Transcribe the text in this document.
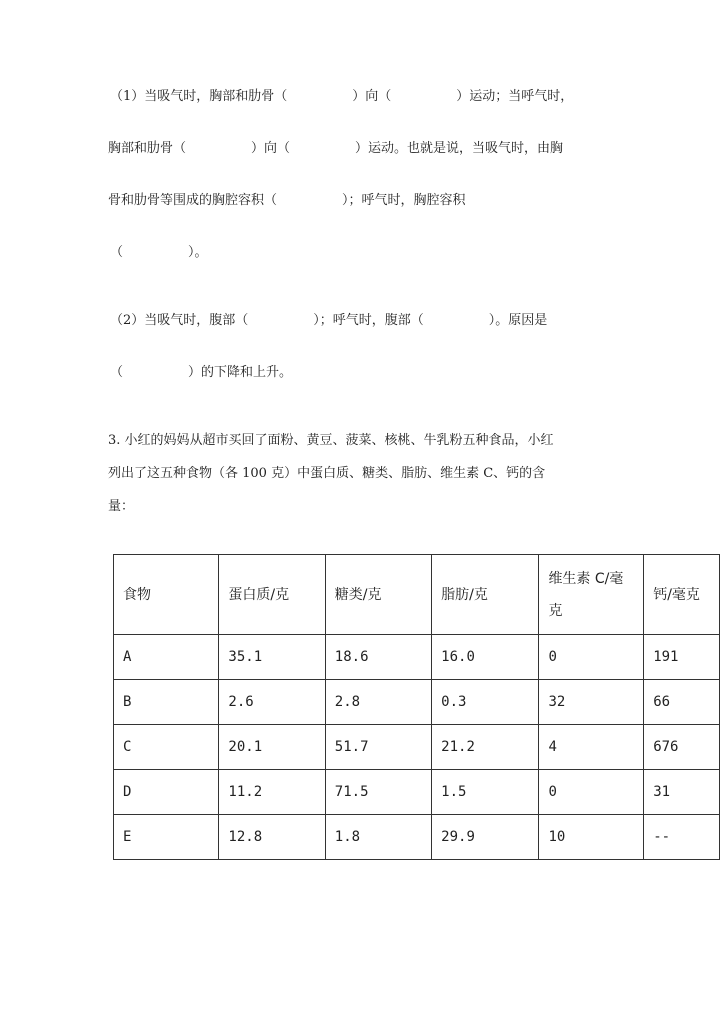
（1）当吸气时，胸部和肋骨（　　　　　）向（　　　　　）运动；当呼气时，
胸部和肋骨（　　　　　）向（　　　　　）运动。也就是说，当吸气时，由胸
骨和肋骨等围成的胸腔容积（　　　　　）；呼气时，胸腔容积
（　　　　　）。
（2）当吸气时，腹部（　　　　　）；呼气时，腹部（　　　　　）。原因是
（　　　　　）的下降和上升。
3. 小红的妈妈从超市买回了面粉、黄豆、菠菜、核桃、牛乳粉五种食品，小红
列出了这五种食物（各 100 克）中蛋白质、糖类、脂肪、维生素 C、钙的含
量：
食物	蛋白质/克	糖类/克	脂肪/克	维生素 C/毫
克	钙/毫克
A	35.1	18.6	16.0	0	191
B	2.6	2.8	0.3	32	66
C	20.1	51.7	21.2	4	676
D	11.2	71.5	1.5	0	31
E	12.8	1.8	29.9	10	--
